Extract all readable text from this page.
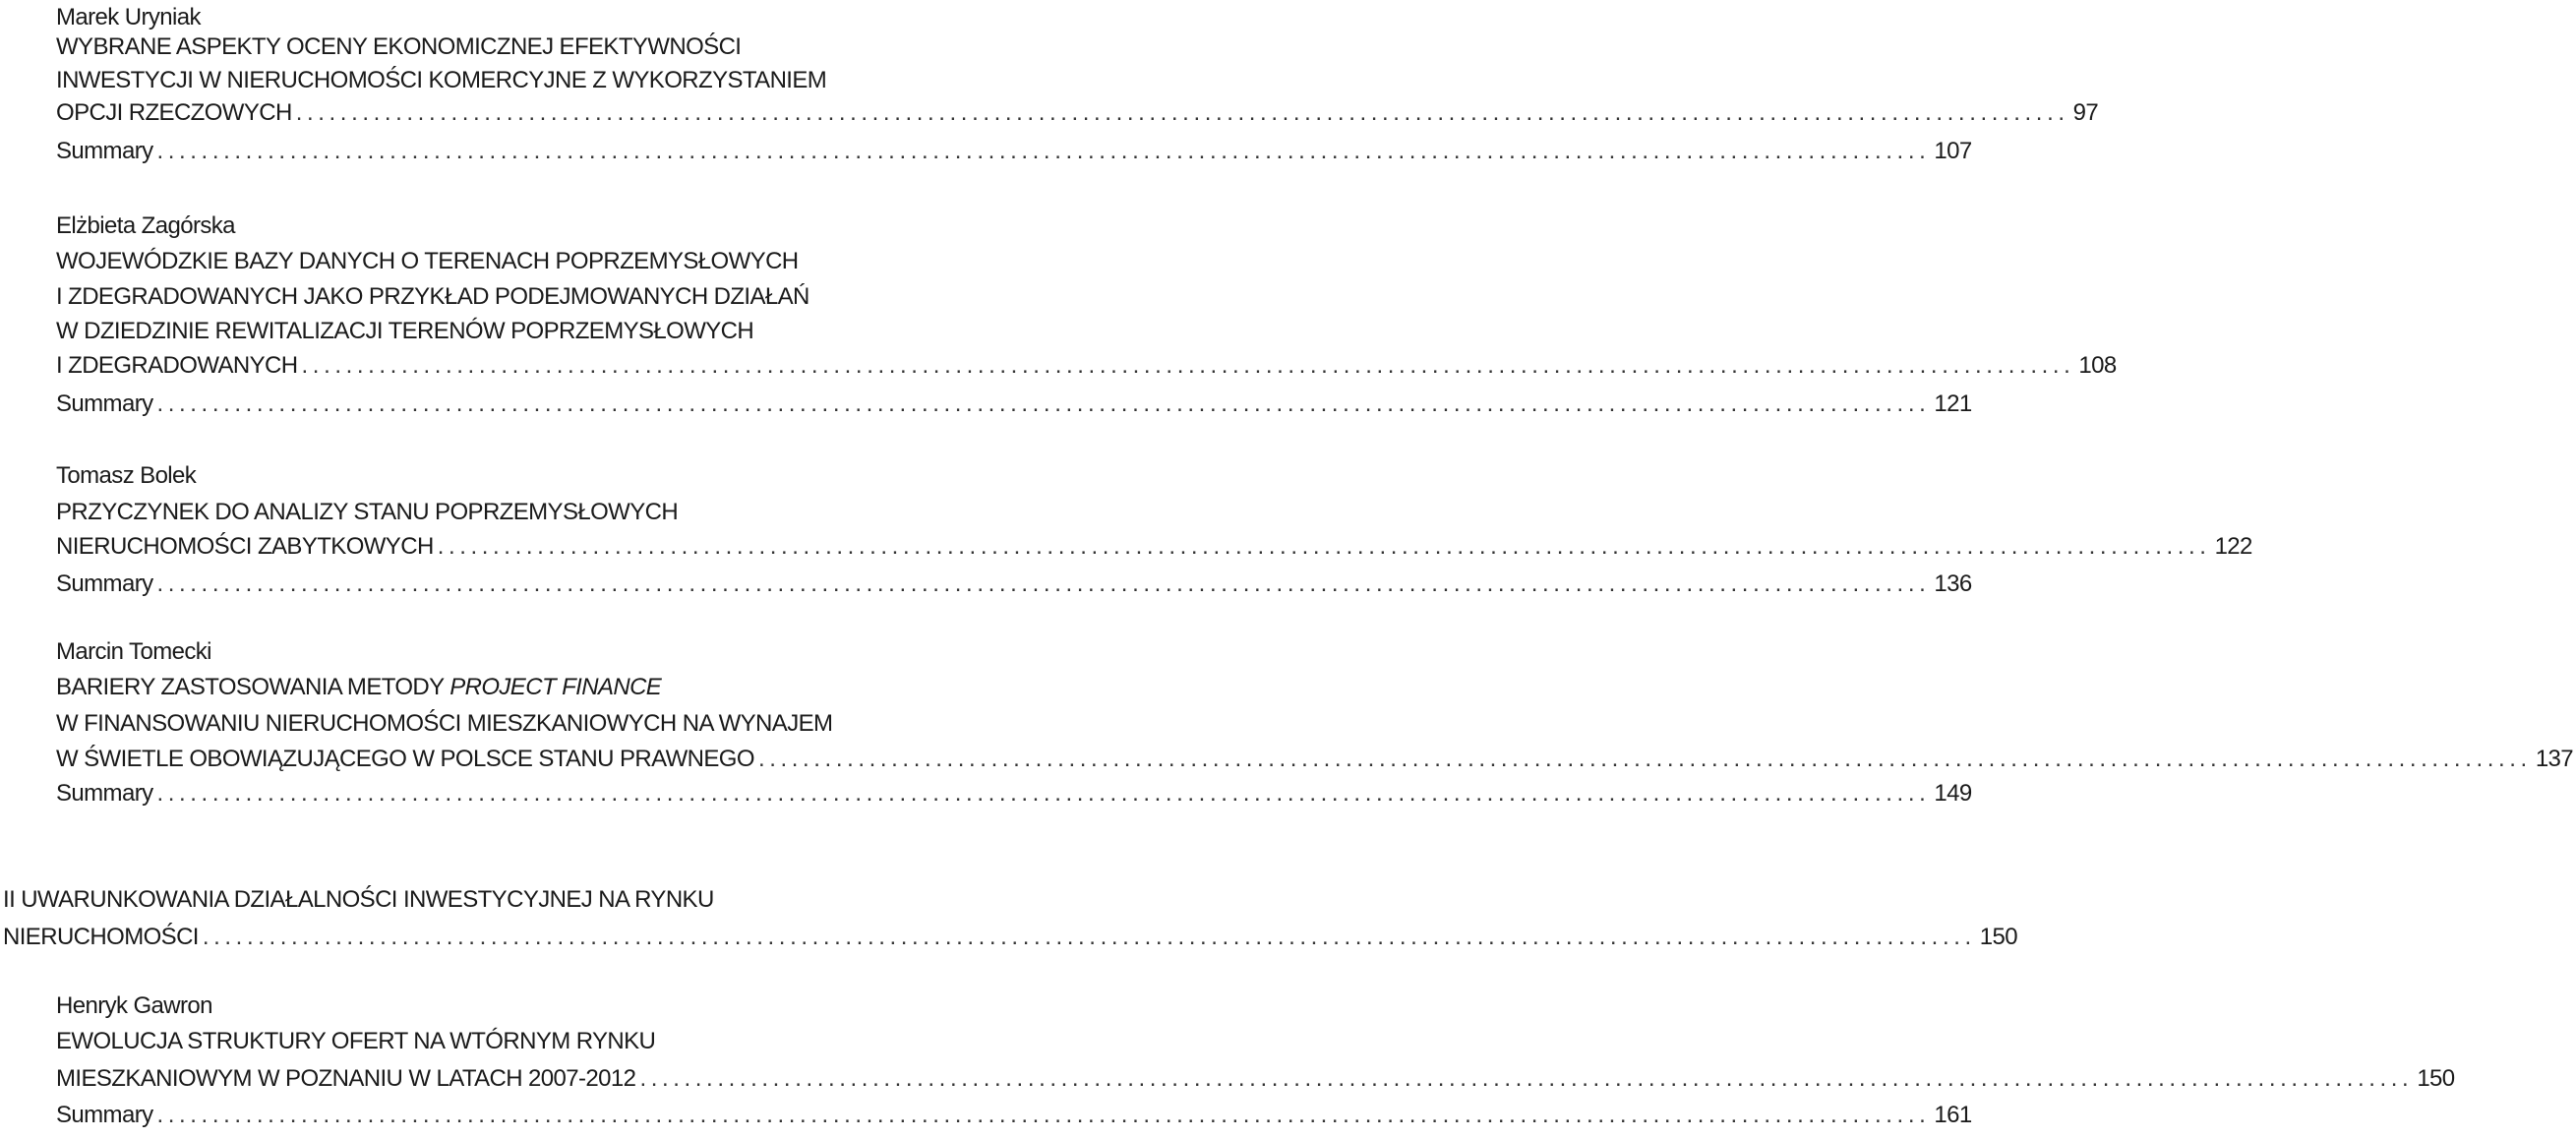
Marek Uryniak
WYBRANE ASPEKTY OCENY EKONOMICZNEJ EFEKTYWNOŚCI
INWESTYCJI W NIERUCHOMOŚCI KOMERCYJNE Z WYKORZYSTANIEM
OPCJI RZECZOWYCH ................................................................................................................................................................ 97
Summary ................................................................................................................................................................ 107
Elżbieta Zagórska
WOJEWÓDZKIE BAZY DANYCH O TERENACH POPRZEMYSŁOWYCH
I ZDEGRADOWANYCH JAKO PRZYKŁAD PODEJMOWANYCH DZIAŁAŃ
W DZIEDZINIE REWITALIZACJI TERENÓW POPRZEMYSŁOWYCH
I ZDEGRADOWANYCH ................................................................................................................................................................ 108
Summary ................................................................................................................................................................ 121
Tomasz Bolek
PRZYCZYNEK DO ANALIZY STANU POPRZEMYSŁOWYCH
NIERUCHOMOŚCI ZABYTKOWYCH ................................................................................................................................................................ 122
Summary ................................................................................................................................................................ 136
Marcin Tomecki
BARIERY ZASTOSOWANIA METODY PROJECT FINANCE
W FINANSOWANIU NIERUCHOMOŚCI MIESZKANIOWYCH NA WYNAJEM
W ŚWIETLE OBOWIĄZUJĄCEGO W POLSCE STANU PRAWNEGO ................................................................................................................................................................ 137
Summary ................................................................................................................................................................ 149
II UWARUNKOWANIA DZIAŁALNOŚCI INWESTYCYJNEJ NA RYNKU
NIERUCHOMOŚCI ................................................................................................................................................................ 150
Henryk Gawron
EWOLUCJA STRUKTURY OFERT NA WTÓRNYM RYNKU
MIESZKANIOWYM W POZNANIU W LATACH 2007-2012 ................................................................................................................................................................ 150
Summary ................................................................................................................................................................ 161
